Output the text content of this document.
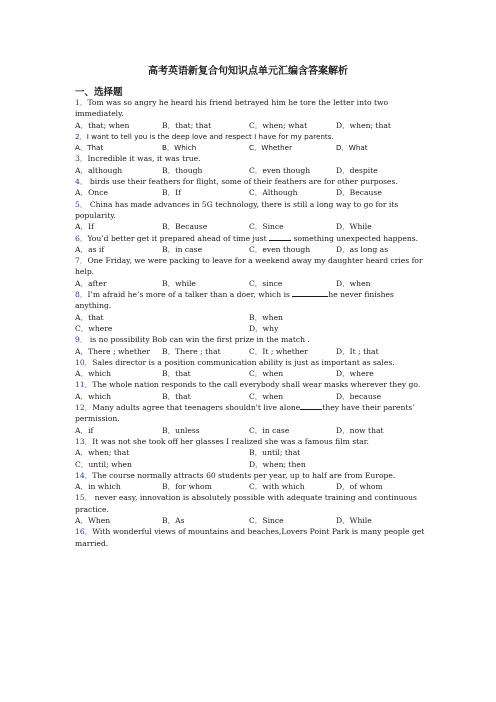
高考英语新复合句知识点单元汇编含答案解析
一、选择题
1．Tom was so angry he heard his friend betrayed him he tore the letter into two immediately.
A．that; when	B．that; that	C．when; what	D．when; that
2．I want to tell you is the deep love and respect I have for my parents.
A．That	B．Which	C．Whether	D．What
3．Incredible it was, it was true.
A．although	B．though	C．even though	D．despite
4． birds use their feathers for flight, some of their feathers are for other purposes.
A．Once	B．If	C．Although	D．Because
5． China has made advances in 5G technology, there is still a long way to go for its popularity.
A．If	B．Because	C．Since	D．While
6．You’d better get it prepared ahead of time just	something unexpected happens.
A．as if	B．in case	C．even though	D．as long as
7．One Friday, we were packing to leave for a weekend away my daughter heard cries for help.
A．after	B．while	C．since	D．when
8．I’m afraid he’s more of a talker than a doer, which is	he never finishes anything.
A．that	B．when
C．where	D．why
9． is no possibility Bob can win the first prize in the match .
A．There ; whether	B．There ; that	C．It ; whether	D．It ; that
10．Sales director is a position communication ability is just as important as sales.
A．which	B．that	C．when	D．where
11．The whole nation responds to the call everybody shall wear masks wherever they go.
A．which	B．that	C．when	D．because
12．Many adults agree that teenagers shouldn't live alone	they have their parents’ permission.
A．if	B．unless	C．in case	D．now that
13．It was not she took off her glasses I realized she was a famous film star.
A．when; that	B．until; that
C．until; when	D．when; then
14．The course normally attracts 60 students per year, up to half are from Europe.
A．in which	B．for whom	C．with which	D．of whom
15． never easy, innovation is absolutely possible with adequate training and continuous practice.
A．When	B．As	C．Since	D．While
16．With wonderful views of mountains and beaches,Lovers Point Park is many people get married.
